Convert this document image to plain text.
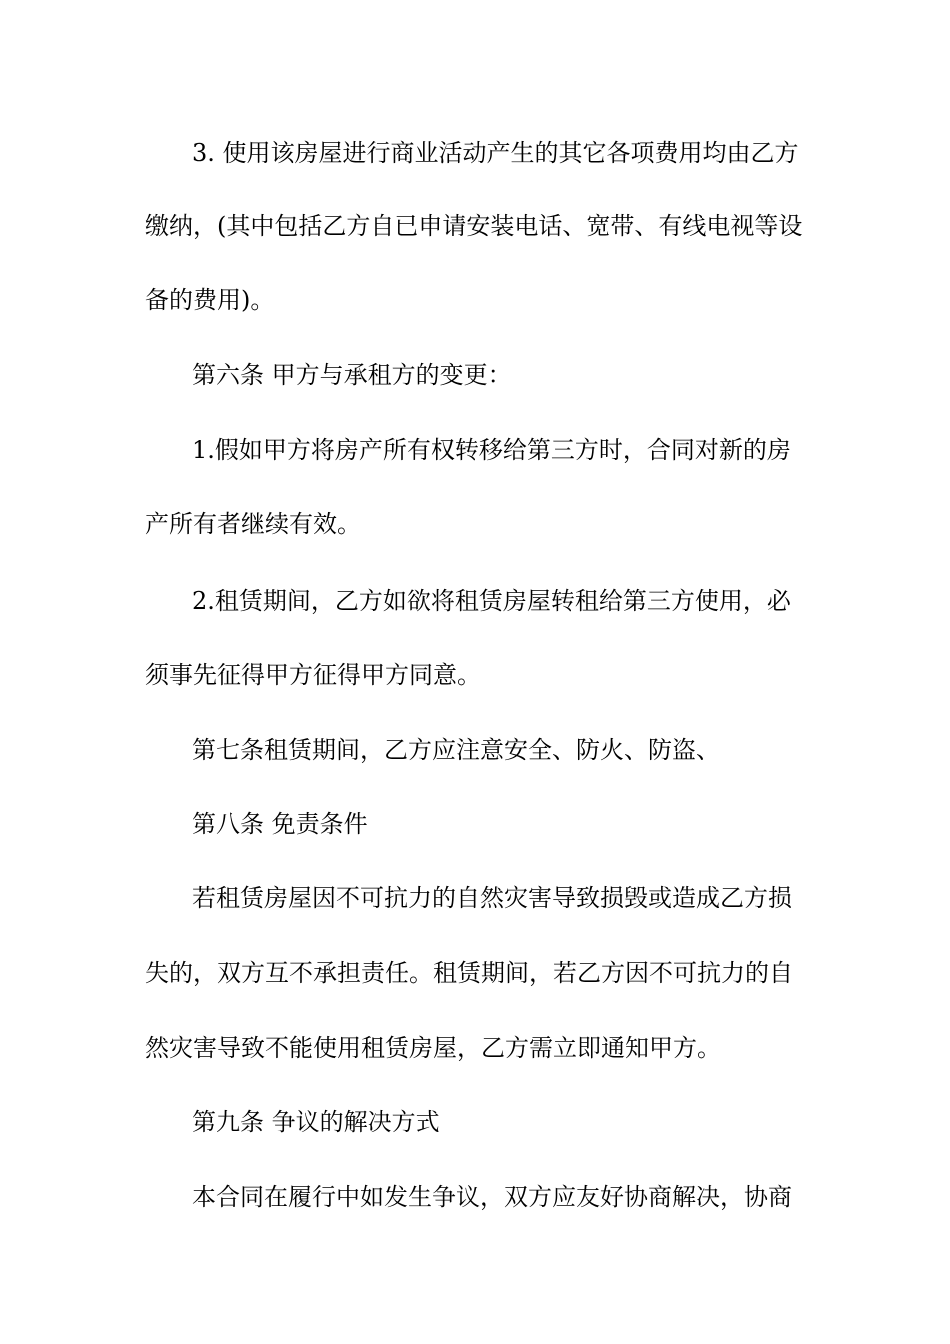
3. 使用该房屋进行商业活动产生的其它各项费用均由乙方
缴纳，(其中包括乙方自已申请安装电话、宽带、有线电视等设
备的费用)。
第六条 甲方与承租方的变更：
1.假如甲方将房产所有权转移给第三方时，合同对新的房
产所有者继续有效。
2.租赁期间，乙方如欲将租赁房屋转租给第三方使用，必
须事先征得甲方征得甲方同意。
第七条租赁期间，乙方应注意安全、防火、防盗、
第八条 免责条件
若租赁房屋因不可抗力的自然灾害导致损毁或造成乙方损
失的，双方互不承担责任。租赁期间，若乙方因不可抗力的自
然灾害导致不能使用租赁房屋，乙方需立即通知甲方。
第九条 争议的解决方式
本合同在履行中如发生争议，双方应友好协商解决，协商
